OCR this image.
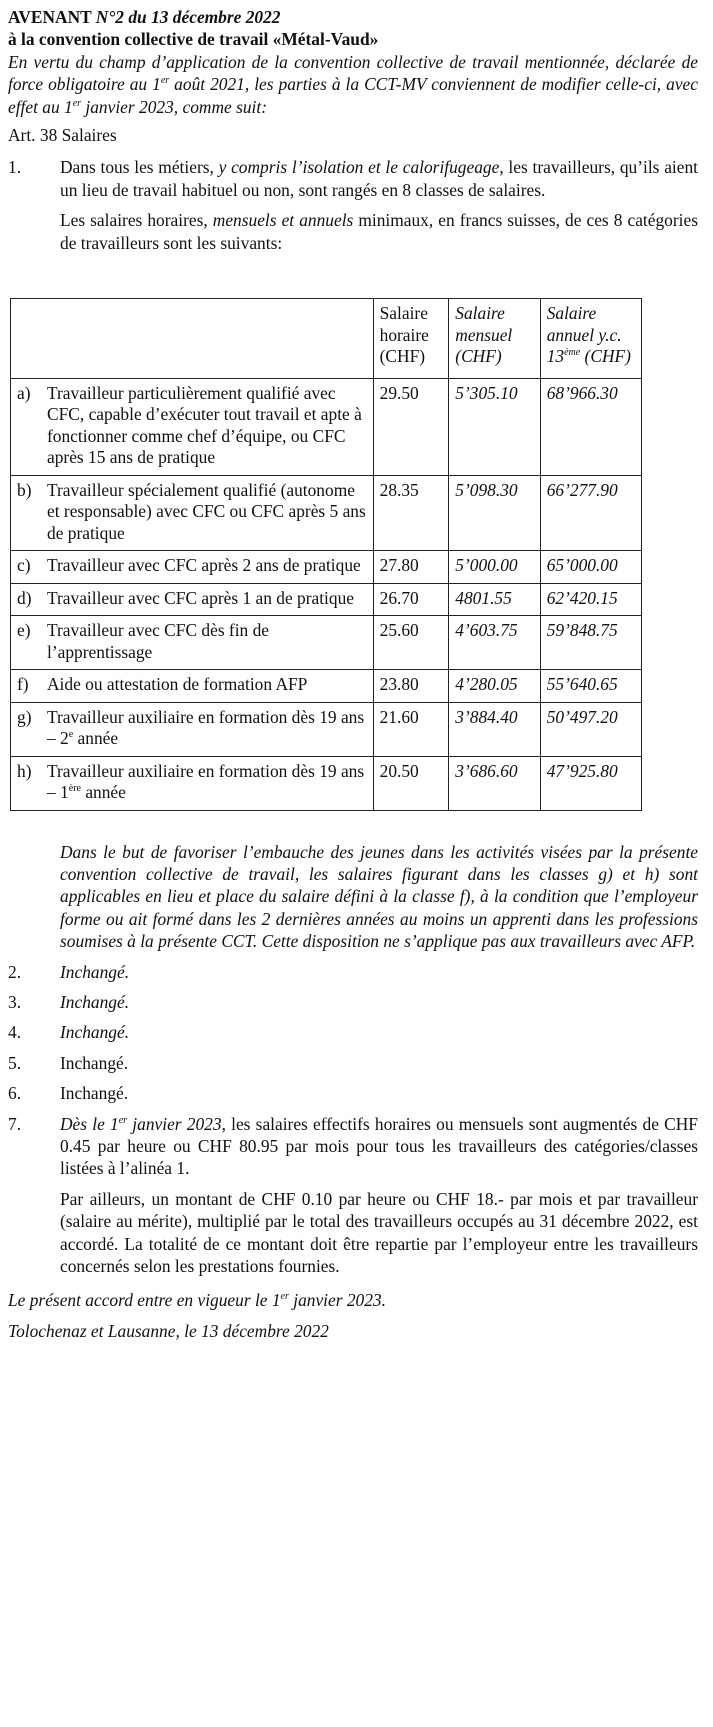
AVENANT N°2 du 13 décembre 2022

à la convention collective de travail «Métal-Vaud»

En vertu du champ d’application de la convention collective de travail mentionnée, déclarée de force obligatoire au 1er août 2021, les parties à la CCT-MV conviennent de modifier celle-ci, avec effet au 1er janvier 2023, comme suit:

Art. 38 Salaires

1.	Dans tous les métiers, y compris l’isolation et le calorifugeage, les travailleurs, qu’ils aient un lieu de travail habituel ou non, sont rangés en 8 classes de salaires.

Les salaires horaires, mensuels et annuels minimaux, en francs suisses, de ces 8 catégories de travailleurs sont les suivants:

	Salaire horaire (CHF)	Salaire mensuel (CHF)	Salaire annuel y.c. 13ème (CHF)

a) Travailleur particulièrement qualifié avec CFC, capable d’exécuter tout travail et apte à fonctionner comme chef d’équipe, ou CFC après 15 ans de pratique	29.50	5’305.10	68’966.30

b) Travailleur spécialement qualifié (autonome et responsable) avec CFC ou CFC après 5 ans de pratique	28.35	5’098.30	66’277.90

c) Travailleur avec CFC après 2 ans de pratique	27.80	5’000.00	65’000.00

d) Travailleur avec CFC après 1 an de pratique	26.70	4801.55	62’420.15

e) Travailleur avec CFC dès fin de l’apprentissage	25.60	4’603.75	59’848.75

f) Aide ou attestation de formation AFP	23.80	4’280.05	55’640.65

g) Travailleur auxiliaire en formation dès 19 ans – 2e année	21.60	3’884.40	50’497.20

h) Travailleur auxiliaire en formation dès 19 ans – 1ère année	20.50	3’686.60	47’925.80

Dans le but de favoriser l’embauche des jeunes dans les activités visées par la présente convention collective de travail, les salaires figurant dans les classes g) et h) sont applicables en lieu et place du salaire défini à la classe f), à la condition que l’employeur forme ou ait formé dans les 2 dernières années au moins un apprenti dans les professions soumises à la présente CCT. Cette disposition ne s’applique pas aux travailleurs avec AFP.

2.	Inchangé.
3.	Inchangé.
4.	Inchangé.
5.	Inchangé.
6.	Inchangé.
7.	Dès le 1er janvier 2023, les salaires effectifs horaires ou mensuels sont augmentés de CHF 0.45 par heure ou CHF 80.95 par mois pour tous les travailleurs des catégories/classes listées à l’alinéa 1.

Par ailleurs, un montant de CHF 0.10 par heure ou CHF 18.- par mois et par travailleur (salaire au mérite), multiplié par le total des travailleurs occupés au 31 décembre 2022, est accordé. La totalité de ce montant doit être repartie par l’employeur entre les travailleurs concernés selon les prestations fournies.

Le présent accord entre en vigueur le 1er janvier 2023.

Tolochenaz et Lausanne, le 13 décembre 2022
